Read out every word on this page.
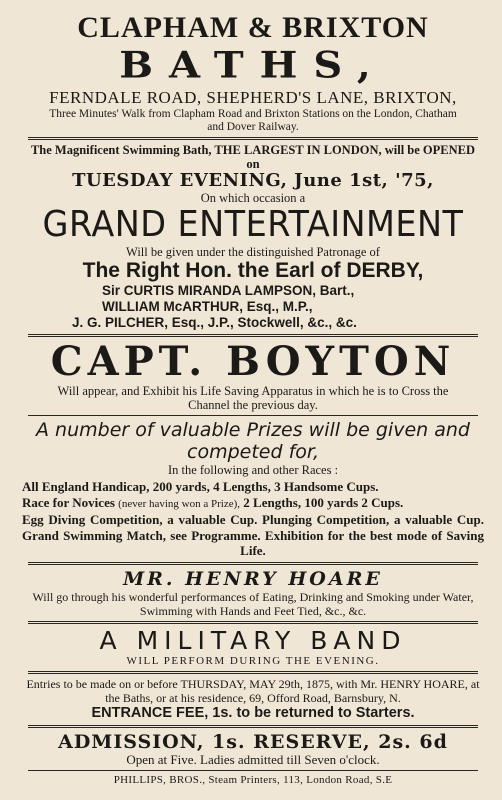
CLAPHAM & BRIXTON
BATHS,
FERNDALE ROAD, SHEPHERD'S LANE, BRIXTON,
Three Minutes' Walk from Clapham Road and Brixton Stations on the London, Chatham and Dover Railway.
The Magnificent Swimming Bath, THE LARGEST IN LONDON, will be OPENED on
TUESDAY EVENING, June 1st, '75,
On which occasion a
GRAND ENTERTAINMENT
Will be given under the distinguished Patronage of
The Right Hon. the Earl of DERBY,
Sir CURTIS MIRANDA LAMPSON, Bart.,
WILLIAM McARTHUR, Esq., M.P.,
J. G. PILCHER, Esq., J.P., Stockwell, &c., &c.
CAPT. BOYTON
Will appear, and Exhibit his Life Saving Apparatus in which he is to Cross the Channel the previous day.
A number of valuable Prizes will be given and competed for,
In the following and other Races :
All England Handicap, 200 yards, 4 Lengths, 3 Handsome Cups.
Race for Novices (never having won a Prize), 2 Lengths, 100 yards 2 Cups.
Egg Diving Competition, a valuable Cup. Plunging Competition, a valuable Cup. Grand Swimming Match, see Programme. Exhibition for the best mode of Saving Life.
MR. HENRY HOARE
Will go through his wonderful performances of Eating, Drinking and Smoking under Water, Swimming with Hands and Feet Tied, &c., &c.
A MILITARY BAND
WILL PERFORM DURING THE EVENING.
Entries to be made on or before THURSDAY, MAY 29th, 1875, with Mr. HENRY HOARE, at the Baths, or at his residence, 69, Offord Road, Barnsbury, N.
ENTRANCE FEE, 1s. to be returned to Starters.
ADMISSION, 1s. RESERVE, 2s. 6d
Open at Five. Ladies admitted till Seven o'clock.
PHILLIPS, BROS., Steam Printers, 113, London Road, S.E
